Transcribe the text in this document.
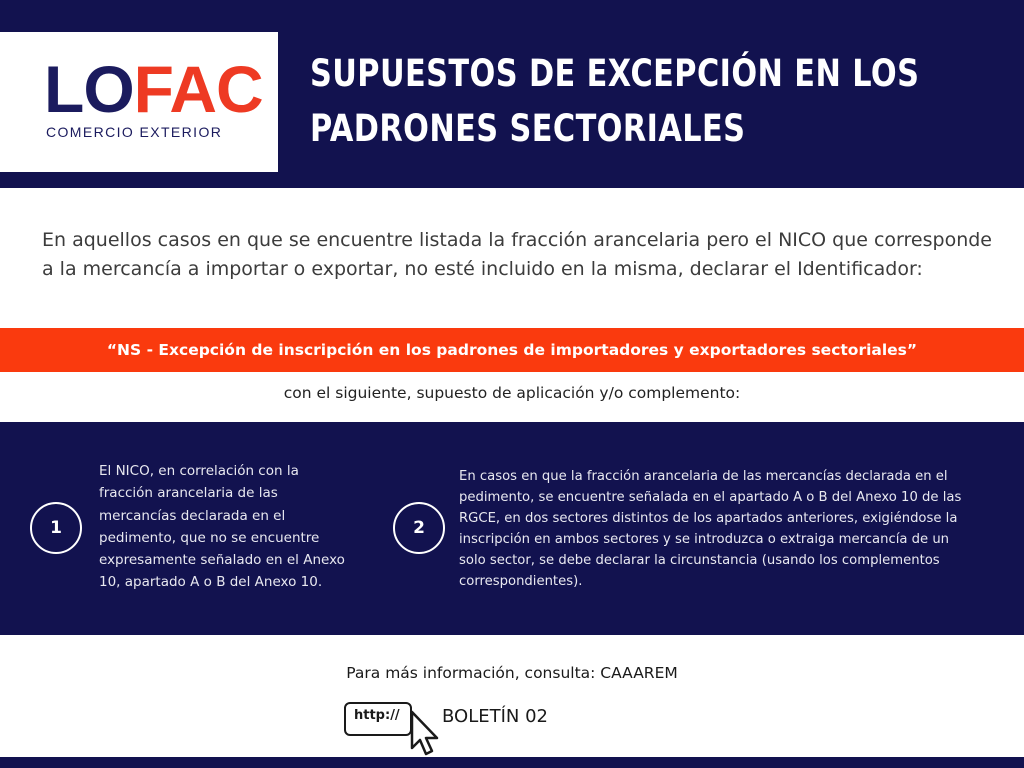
LOFAC
COMERCIO EXTERIOR
SUPUESTOS DE EXCEPCIÓN EN LOS
PADRONES SECTORIALES
En aquellos casos en que se encuentre listada la fracción arancelaria pero el NICO que corresponde a la mercancía a importar o exportar, no esté incluido en la misma, declarar el Identificador:
“NS - Excepción de inscripción en los padrones de importadores y exportadores sectoriales”
con el siguiente, supuesto de aplicación y/o complemento:
1
El NICO, en correlación con la fracción arancelaria de las mercancías declarada en el pedimento, que no se encuentre expresamente señalado en el Anexo 10, apartado A o B del Anexo 10.
2
En casos en que la fracción arancelaria de las mercancías declarada en el pedimento, se encuentre señalada en el apartado A o B del Anexo 10 de las RGCE, en dos sectores distintos de los apartados anteriores, exigiéndose la inscripción en ambos sectores y se introduzca o extraiga mercancía de un solo sector, se debe declarar la circunstancia (usando los complementos correspondientes).
Para más información, consulta: CAAAREM
http:// BOLETÍN 02
